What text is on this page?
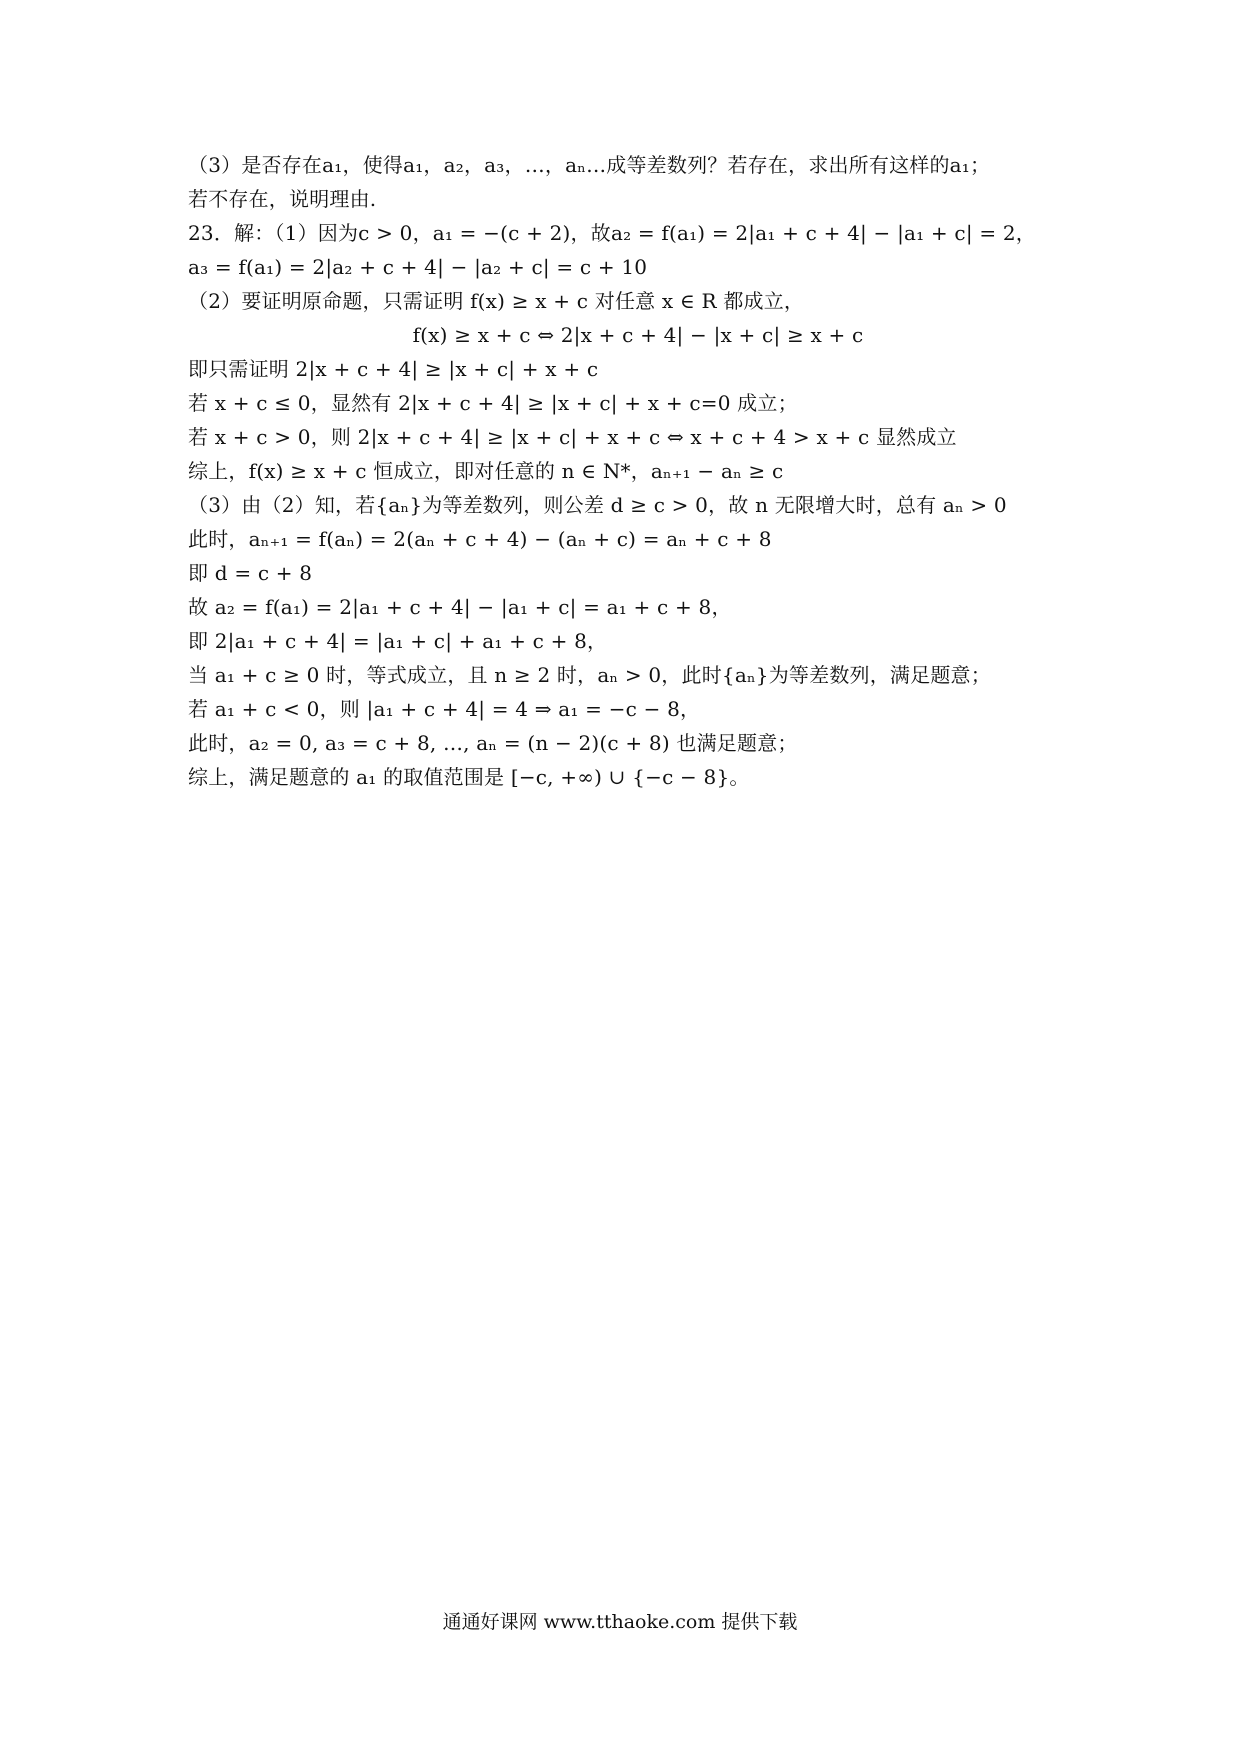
（3）是否存在a₁，使得a₁，a₂，a₃，…，aₙ…成等差数列？若存在，求出所有这样的a₁；
若不存在，说明理由.
23．解：（1）因为c > 0，a₁ = −(c + 2)，故a₂ = f(a₁) = 2|a₁ + c + 4| − |a₁ + c| = 2，
a₃ = f(a₁) = 2|a₂ + c + 4| − |a₂ + c| = c + 10
（2）要证明原命题，只需证明 f(x) ≥ x + c 对任意 x ∈ R 都成立，
f(x) ≥ x + c ⇔ 2|x + c + 4| − |x + c| ≥ x + c
即只需证明 2|x + c + 4| ≥ |x + c| + x + c
若 x + c ≤ 0，显然有 2|x + c + 4| ≥ |x + c| + x + c=0 成立；
若 x + c > 0，则 2|x + c + 4| ≥ |x + c| + x + c ⇔ x + c + 4 > x + c 显然成立
综上，f(x) ≥ x + c 恒成立，即对任意的 n ∈ N*，aₙ₊₁ − aₙ ≥ c
（3）由（2）知，若{aₙ}为等差数列，则公差 d ≥ c > 0，故 n 无限增大时，总有 aₙ > 0
此时，aₙ₊₁ = f(aₙ) = 2(aₙ + c + 4) − (aₙ + c) = aₙ + c + 8
即 d = c + 8
故 a₂ = f(a₁) = 2|a₁ + c + 4| − |a₁ + c| = a₁ + c + 8，
即 2|a₁ + c + 4| = |a₁ + c| + a₁ + c + 8，
当 a₁ + c ≥ 0 时，等式成立，且 n ≥ 2 时，aₙ > 0，此时{aₙ}为等差数列，满足题意；
若 a₁ + c < 0，则 |a₁ + c + 4| = 4 ⇒ a₁ = −c − 8，
此时，a₂ = 0, a₃ = c + 8, …, aₙ = (n − 2)(c + 8) 也满足题意；
综上，满足题意的 a₁ 的取值范围是 [−c, +∞) ∪ {−c − 8}。
通通好课网 www.tthaoke.com 提供下载
